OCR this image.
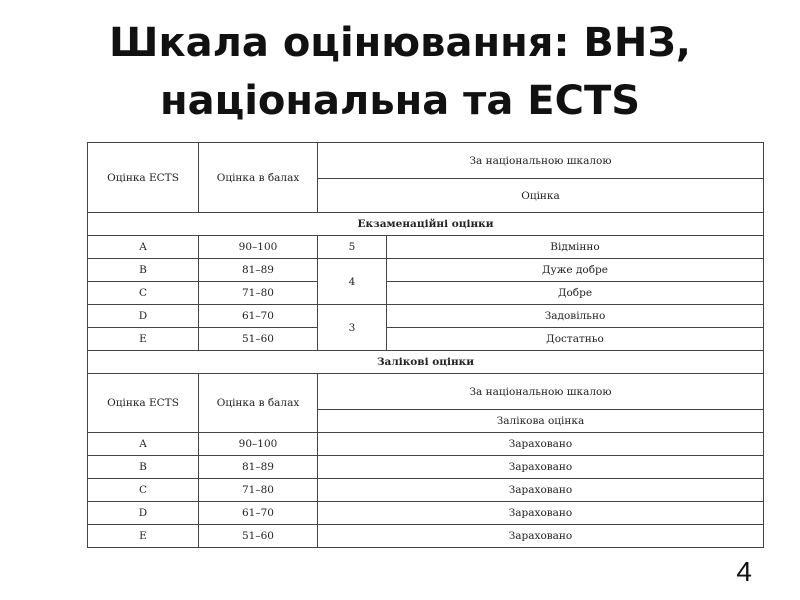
Шкала оцінювання: ВНЗ,
національна та ECTS
Оцінка ECTS	Оцінка в балах	За національною шкалою	
		Оцінка	
Екзаменаційні оцінки			
A	90–100	5	Відмінно
B	81–89	4	Дуже добре
C	71–80		Добре
D	61–70	3	Задовільно
E	51–60		Достатньо
Залікові оцінки			
Оцінка ECTS	Оцінка в балах	За національною шкалою	
		Залікова оцінка	
A	90–100	Зараховано	
B	81–89	Зараховано	
C	71–80	Зараховано	
D	61–70	Зараховано	
E	51–60	Зараховано	
4
